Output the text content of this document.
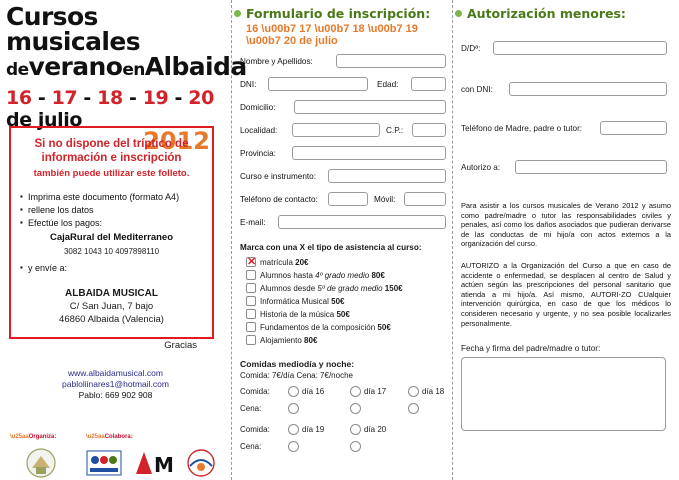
Cursos musicales
deveranoenAlbaida
16 - 17 - 18 - 19 - 20 de julio
2012
Si no dispone del tríptico de
información e inscripción
también puede utilizar este folleto.
▪ Imprima este documento (formato A4)
▪ rellene los datos
▪ Efectúe los pagos:
CajaRural del Mediterraneo
3082 1043 10 4097898110
▪ y envíe a:
ALBAIDA MUSICAL
C/ San Juan, 7 bajo
46860 Albaida (Valencia)
Gracias
www.albaidamusical.com
pabloliinares1@hotmail.com
Pablo: 669 902 908
\u25aaOrganiza:	\u25aaColabora:
M
Formulario de inscripción:
16 \u00b7 17 \u00b7 18 \u00b7 19 \u00b7 20 de julio
Nombre y Apellidos:
DNI:	Edad:
Domicilio:
Localidad:	C.P.:
Provincia:
Curso e instrumento:
Teléfono de contacto:	Móvil:
E-mail:
Marca con una X el tipo de asistencia al curso:
✕
matrícula 20€
Alumnos hasta 4º grado medio 80€
Alumnos desde 5º de grado medio 150€
Informática Musical 50€
Historia de la música 50€
Fundamentos de la composición 50€
Alojamiento 80€
Comidas mediodía y noche:
Comida: 7€/día Cena: 7€/noche
Comida:	día 16	día 17	día 18
Cena:
Comida:	día 19	día 20
Cena:
Autorización menores:
D/Dª:
con DNI:
Teléfono de Madre, padre o tutor:
Autorizo a:
Para asistir a los cursos musicales de Verano 2012 y asumo como padre/madre o tutor las responsabilidades civiles y penales, así como los daños asociados que pudieran derivarse de las conductas de mi hijo/a con actos externos a la organización del curso.
AUTORIZO a la Organización del Curso a que en caso de accidente o enfermedad, se desplacen al centro de Salud y actúen según las prescripciones del personal sanitario que atienda a mi hijo/a. Así mismo, AUTORI-ZO CUalquier intervención quirúrgica, en caso de que los médicos lo consideren necesario y urgente, y no sea posible localizarles personalmente.
Fecha y firma del padre/madre o tutor:
